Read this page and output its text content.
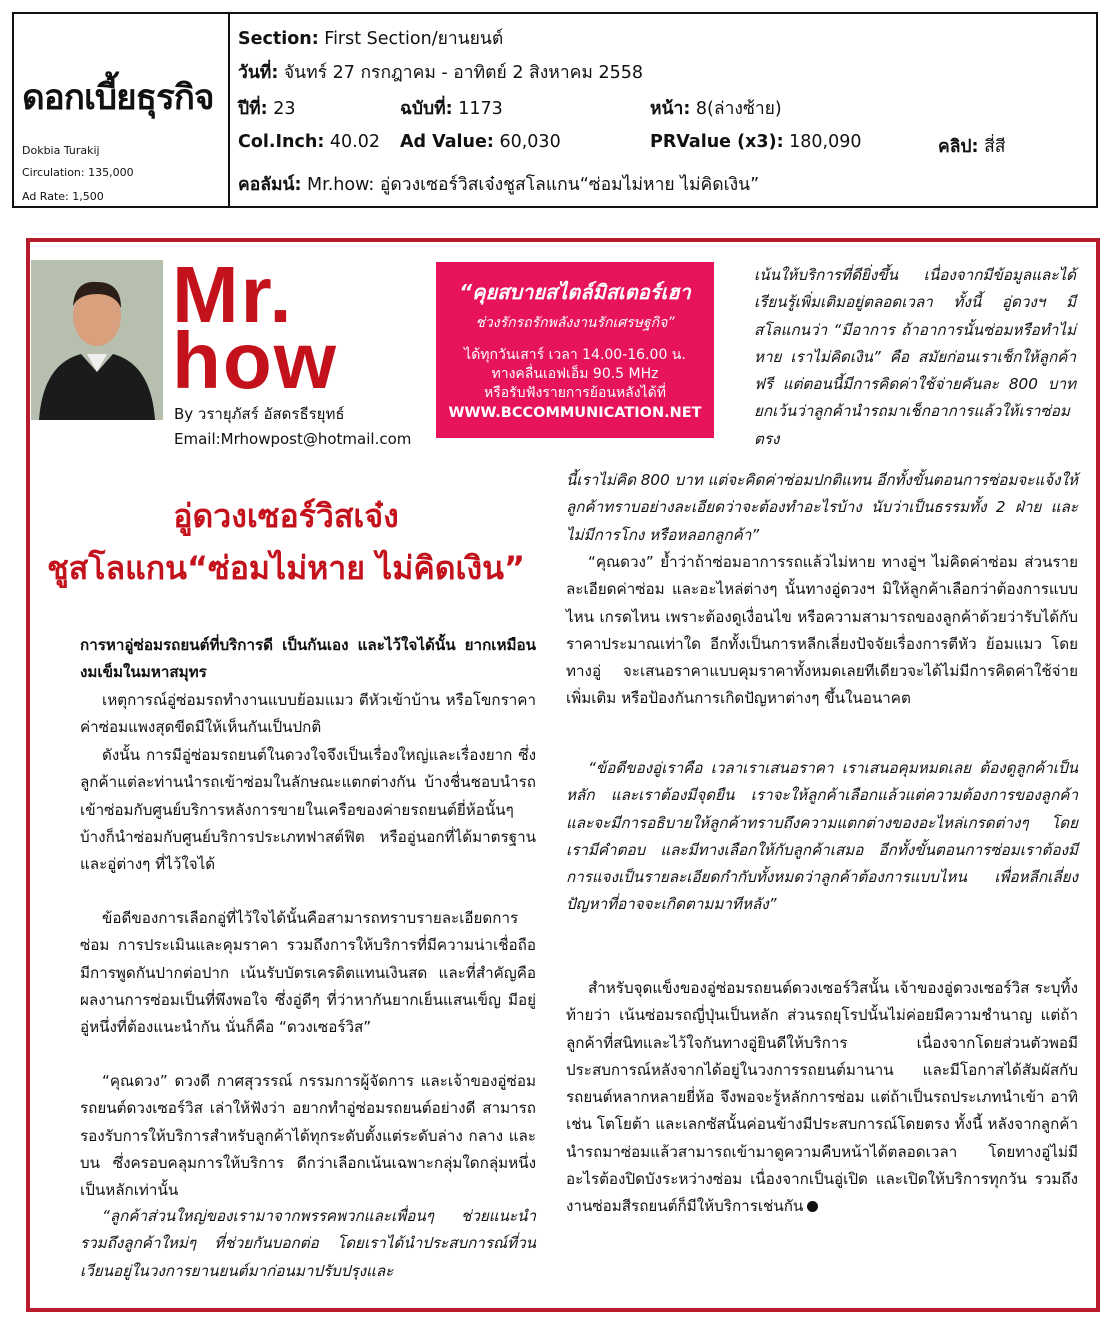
ดอกเบี้ยธุรกิจ
Dokbia Turakij
Circulation: 135,000
Ad Rate: 1,500
Section: First Section/ยานยนต์
วันที่: จันทร์ 27 กรกฎาคม - อาทิตย์ 2 สิงหาคม 2558
ปีที่: 23	ฉบับที่: 1173	หน้า: 8(ล่างซ้าย)
Col.Inch: 40.02 Ad Value: 60,030	PRValue (x3): 180,090	คลิป: สี่สี
คอลัมน์: Mr.how: อู่ดวงเซอร์วิสเจ๋งชูสโลแกน“ซ่อมไม่หาย ไม่คิดเงิน”
Mr.
how
By วรายุภัสร์ อัสดรธีรยุทธ์
Email:Mrhowpost@hotmail.com
“คุยสบายสไตล์มิสเตอร์เฮา
ช่วงรักรถรักพลังงานรักเศรษฐกิจ”
ได้ทุกวันเสาร์ เวลา 14.00-16.00 น.
ทางคลื่นเอฟเอ็ม 90.5 MHz
หรือรับฟังรายการย้อนหลังได้ที่
WWW.BCCOMMUNICATION.NET
อู่ดวงเซอร์วิสเจ๋ง
ชูสโลแกน“ซ่อมไม่หาย ไม่คิดเงิน”
เน้นให้บริการที่ดียิ่งขึ้น เนื่องจากมีข้อมูลและได้เรียนรู้เพิ่มเติมอยู่ตลอดเวลา ทั้งนี้ อู่ดวงฯ มีสโลแกนว่า “มีอาการ ถ้าอาการนั้นซ่อมหรือทำไม่หาย เราไม่คิดเงิน” คือ สมัยก่อนเราเช็กให้ลูกค้าฟรี แต่ตอนนี้มีการคิดค่าใช้จ่ายคันละ 800 บาท ยกเว้นว่าลูกค้านำรถมาเช็กอาการแล้วให้เราซ่อมตรง
การหาอู่ซ่อมรถยนต์ที่บริการดี เป็นกันเอง และไว้ใจได้นั้น ยากเหมือนงมเข็มในมหาสมุทร
เหตุการณ์อู่ซ่อมรถทำงานแบบย้อมแมว ตีหัวเข้าบ้าน หรือโขกราคาค่าซ่อมแพงสุดขีดมีให้เห็นกันเป็นปกติ
ดังนั้น การมีอู่ซ่อมรถยนต์ในดวงใจจึงเป็นเรื่องใหญ่และเรื่องยาก ซึ่งลูกค้าแต่ละท่านนำรถเข้าซ่อมในลักษณะแตกต่างกัน บ้างชื่นชอบนำรถเข้าซ่อมกับศูนย์บริการหลังการขายในเครือของค่ายรถยนต์ยี่ห้อนั้นๆ บ้างก็นำซ่อมกับศูนย์บริการประเภทฟาสต์ฟิต หรืออู่นอกที่ได้มาตรฐาน และอู่ต่างๆ ที่ไว้ใจได้
ข้อดีของการเลือกอู่ที่ไว้ใจได้นั้นคือสามารถทราบรายละเอียดการซ่อม การประเมินและคุมราคา รวมถึงการให้บริการที่มีความน่าเชื่อถือ มีการพูดกันปากต่อปาก เน้นรับบัตรเครดิตแทนเงินสด และที่สำคัญคือผลงานการซ่อมเป็นที่พึงพอใจ ซึ่งอู่ดีๆ ที่ว่าหากันยากเย็นแสนเข็ญ มีอยู่อู่หนึ่งที่ต้องแนะนำกัน นั่นก็คือ “ดวงเซอร์วิส”
“คุณดวง” ดวงดี กาศสุวรรณ์ กรรมการผู้จัดการ และเจ้าของอู่ซ่อมรถยนต์ดวงเซอร์วิส เล่าให้ฟังว่า อยากทำอู่ซ่อมรถยนต์อย่างดี สามารถรองรับการให้บริการสำหรับลูกค้าได้ทุกระดับตั้งแต่ระดับล่าง กลาง และบน ซึ่งครอบคลุมการให้บริการ ดีกว่าเลือกเน้นเฉพาะกลุ่มใดกลุ่มหนึ่งเป็นหลักเท่านั้น
“ลูกค้าส่วนใหญ่ของเรามาจากพรรคพวกและเพื่อนๆ ช่วยแนะนำ รวมถึงลูกค้าใหม่ๆ ที่ช่วยกันบอกต่อ โดยเราได้นำประสบการณ์ที่วนเวียนอยู่ในวงการยานยนต์มาก่อนมาปรับปรุงและ
นี้เราไม่คิด 800 บาท แต่จะคิดค่าซ่อมปกติแทน อีกทั้งขั้นตอนการซ่อมจะแจ้งให้ลูกค้าทราบอย่างละเอียดว่าจะต้องทำอะไรบ้าง นับว่าเป็นธรรมทั้ง 2 ฝ่าย และไม่มีการโกง หรือหลอกลูกค้า”
“คุณดวง” ย้ำว่าถ้าซ่อมอาการรถแล้วไม่หาย ทางอู่ฯ ไม่คิดค่าซ่อม ส่วนรายละเอียดค่าซ่อม และอะไหล่ต่างๆ นั้นทางอู่ดวงฯ มิให้ลูกค้าเลือกว่าต้องการแบบไหน เกรดไหน เพราะต้องดูเงื่อนไข หรือความสามารถของลูกค้าด้วยว่ารับได้กับราคาประมาณเท่าใด อีกทั้งเป็นการหลีกเลี่ยงปัจจัยเรื่องการตีหัว ย้อมแมว โดยทางอู่ จะเสนอราคาแบบคุมราคาทั้งหมดเลยทีเดียวจะได้ไม่มีการคิดค่าใช้จ่ายเพิ่มเติม หรือป้องกันการเกิดปัญหาต่างๆ ขึ้นในอนาคต
“ข้อดีของอู่เราคือ เวลาเราเสนอราคา เราเสนอคุมหมดเลย ต้องดูลูกค้าเป็นหลัก และเราต้องมีจุดยืน เราจะให้ลูกค้าเลือกแล้วแต่ความต้องการของลูกค้า และจะมีการอธิบายให้ลูกค้าทราบถึงความแตกต่างของอะไหล่เกรดต่างๆ โดยเรามีคำตอบ และมีทางเลือกให้กับลูกค้าเสมอ อีกทั้งขั้นตอนการซ่อมเราต้องมีการแจงเป็นรายละเอียดกำกับทั้งหมดว่าลูกค้าต้องการแบบไหน เพื่อหลีกเลี่ยงปัญหาที่อาจจะเกิดตามมาทีหลัง”
สำหรับจุดแข็งของอู่ซ่อมรถยนต์ดวงเซอร์วิสนั้น เจ้าของอู่ดวงเซอร์วิส ระบุทิ้งท้ายว่า เน้นซ่อมรถญี่ปุ่นเป็นหลัก ส่วนรถยุโรปนั้นไม่ค่อยมีความชำนาญ แต่ถ้าลูกค้าที่สนิทและไว้ใจกันทางอู่ยินดีให้บริการ เนื่องจากโดยส่วนตัวพอมีประสบการณ์หลังจากได้อยู่ในวงการรถยนต์มานาน และมีโอกาสได้สัมผัสกับรถยนต์หลากหลายยี่ห้อ จึงพอจะรู้หลักการซ่อม แต่ถ้าเป็นรถประเภทนำเข้า อาทิเช่น โตโยต้า และเลกซัสนั้นค่อนข้างมีประสบการณ์โดยตรง ทั้งนี้ หลังจากลูกค้านำรถมาซ่อมแล้วสามารถเข้ามาดูความคืบหน้าได้ตลอดเวลา โดยทางอู่ไม่มีอะไรต้องปิดบังระหว่างซ่อม เนื่องจากเป็นอู่เปิด และเปิดให้บริการทุกวัน รวมถึงงานซ่อมสีรถยนต์ก็มีให้บริการเช่นกัน
